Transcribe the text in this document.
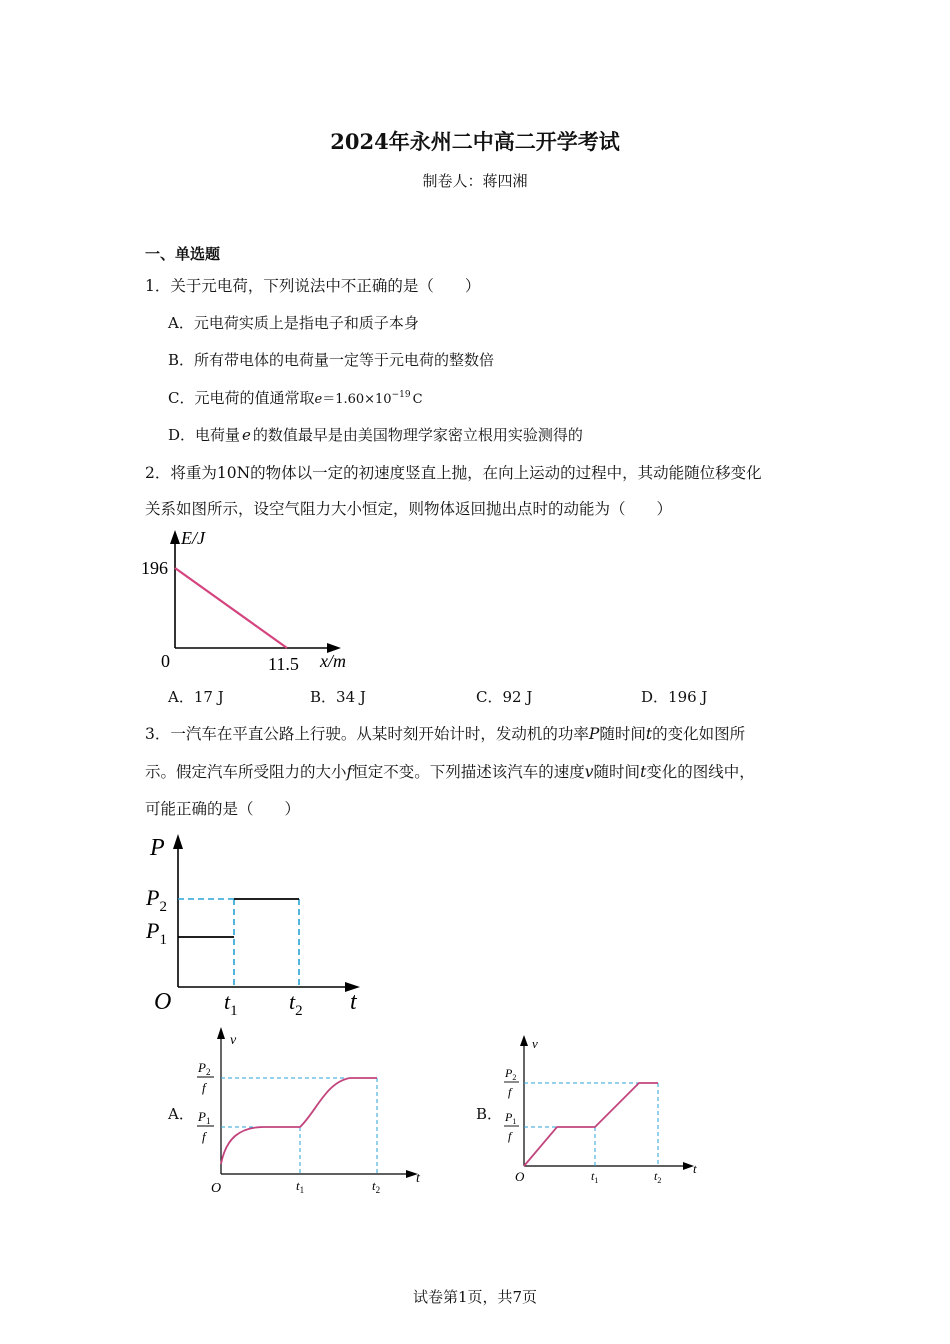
2024年永州二中高二开学考试
制卷人：蒋四湘
一、单选题
1．关于元电荷，下列说法中不正确的是（　　）
A．元电荷实质上是指电子和质子本身
B．所有带电体的电荷量一定等于元电荷的整数倍
C．元电荷的值通常取$e=1.60\times 10^{-19}$ C
D．电荷量 e 的数值最早是由美国物理学家密立根用实验测得的
2．将重为10N的物体以一定的初速度竖直上抛，在向上运动的过程中，其动能随位移变化
关系如图所示，设空气阻力大小恒定，则物体返回抛出点时的动能为（　　）
E/J
196
0	11.5 x/m
A．17 J	B．34 J	C．92 J	D．196 J
3．一汽车在平直公路上行驶。从某时刻开始计时，发动机的功率P随时间t的变化如图所
示。假定汽车所受阻力的大小f恒定不变。下列描述该汽车的速度v随时间t变化的图线中，
可能正确的是（　　）
P
$P_2$
$P_1$
O $t_1$ $t_2$ t
A．
v
$P_2$
f
$P_1$
f
O	$t_1$	$t_2$
t
B．
v
$P_2$
f
$P_1$
f
O	$t_1$	$t_2$
t
试卷第1页，共7页
